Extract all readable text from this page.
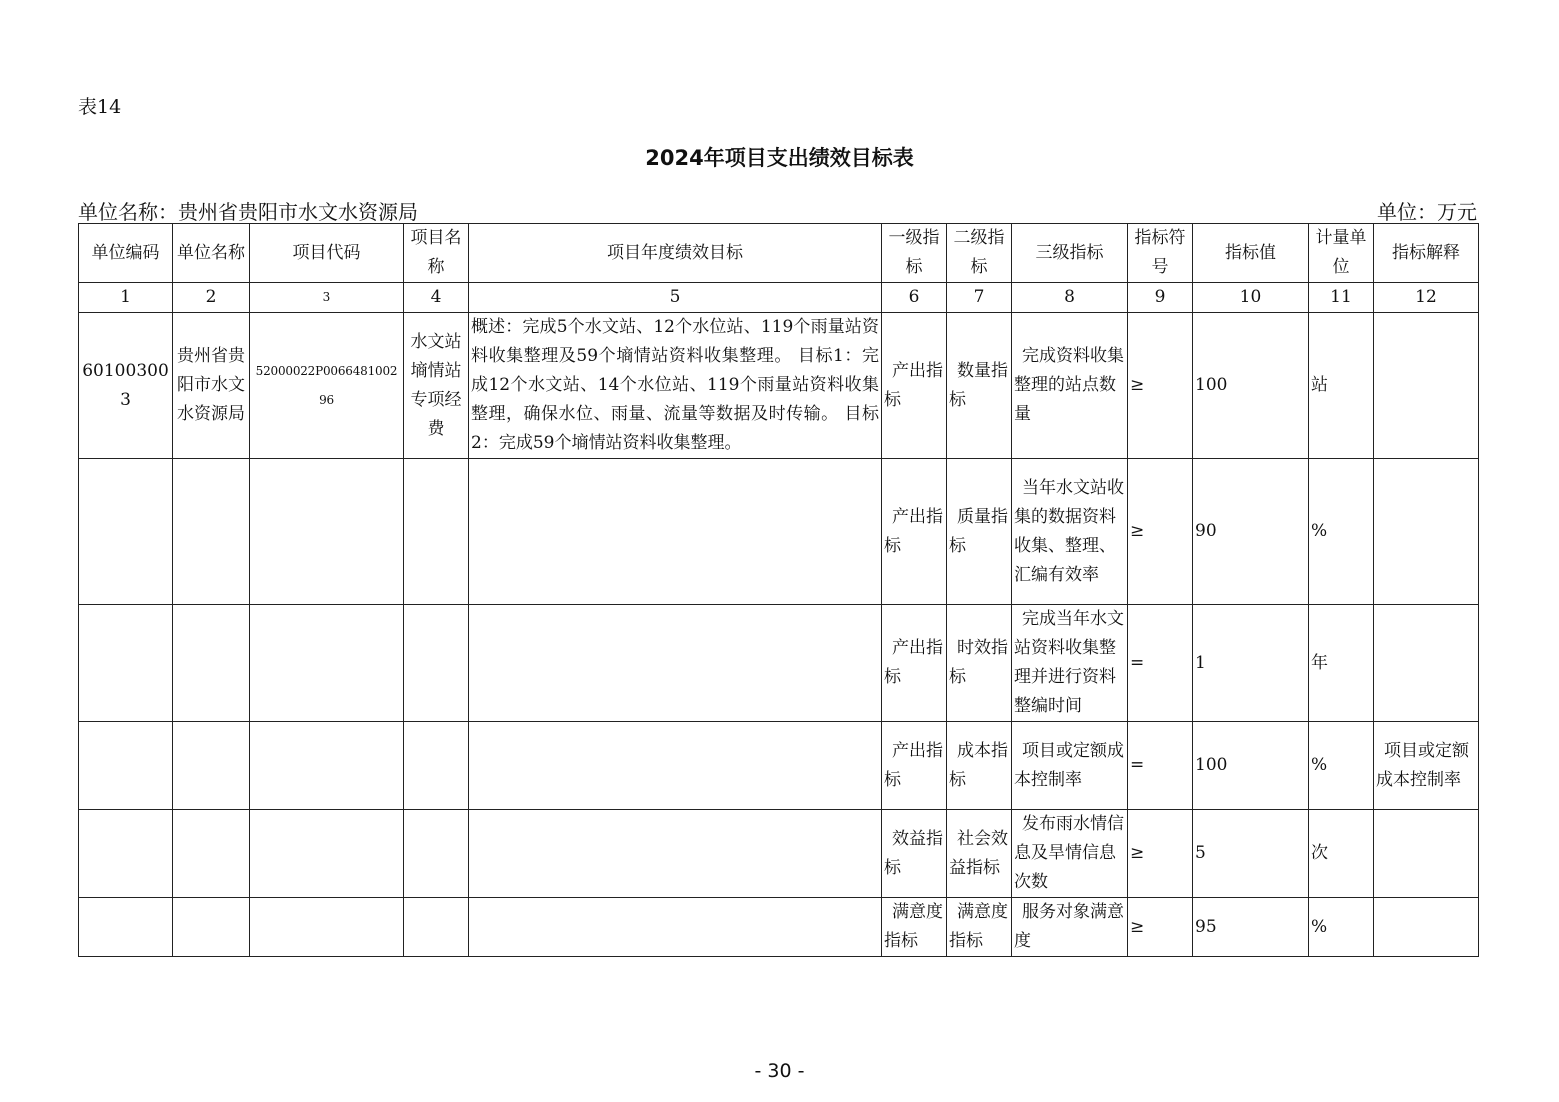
表14
2024年项目支出绩效目标表
单位名称：贵州省贵阳市水文水资源局	单位：万元
单位编码	单位名称	项目代码	项目名称	项目年度绩效目标	一级指标	二级指标	三级指标	指标符号	指标值	计量单位	指标解释
1	2	3	4	5	6	7	8	9	10	11	12
601003003	贵州省贵阳市水文水资源局	52000022P006648100296	水文站墒情站专项经费	概述：完成5个水文站、12个水位站、119个雨量站资料收集整理及59个墒情站资料收集整理。 目标1：完成12个水文站、14个水位站、119个雨量站资料收集整理，确保水位、雨量、流量等数据及时传输。 目标2：完成59个墒情站资料收集整理。	产出指标	数量指标	完成资料收集整理的站点数量	≥	100	站	
					产出指标	质量指标	当年水文站收集的数据资料收集、整理、汇编有效率	≥	90	%	
					产出指标	时效指标	完成当年水文站资料收集整理并进行资料整编时间	=	1	年	
					产出指标	成本指标	项目或定额成本控制率	=	100	%	项目或定额成本控制率
					效益指标	社会效益指标	发布雨水情信息及旱情信息次数	≥	5	次	
					满意度指标	满意度指标	服务对象满意度	≥	95	%	
- 30 -
